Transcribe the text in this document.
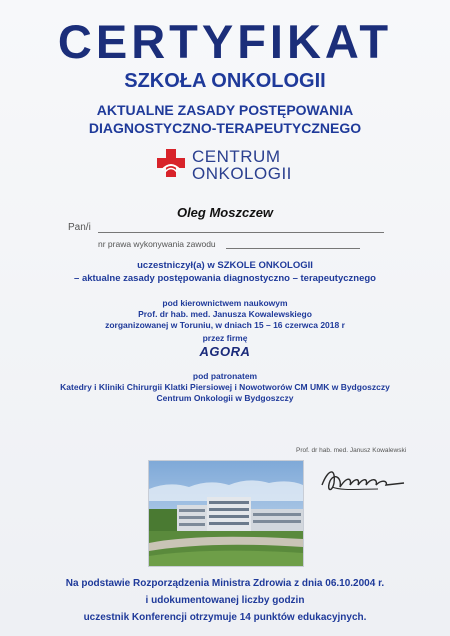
CERTYFIKAT
SZKOŁA ONKOLOGII
AKTUALNE ZASADY POSTĘPOWANIA
DIAGNOSTYCZNO-TERAPEUTYCZNEGO
CENTRUM
ONKOLOGII
Oleg Moszczew
Pan/i
nr prawa wykonywania zawodu
uczestniczył(a) w SZKOLE ONKOLOGII
– aktualne zasady postępowania diagnostyczno – terapeutycznego
pod kierownictwem naukowym
Prof. dr hab. med. Janusza Kowalewskiego
zorganizowanej w Toruniu, w dniach 15 – 16 czerwca 2018 r
przez firmę
AGORA
pod patronatem
Katedry i Kliniki Chirurgii Klatki Piersiowej i Nowotworów CM UMK w Bydgoszczy
Centrum Onkologii w Bydgoszczy
Prof. dr hab. med. Janusz Kowalewski
Na podstawie Rozporządzenia Ministra Zdrowia z dnia 06.10.2004 r.
i udokumentowanej liczby godzin
uczestnik Konferencji otrzymuje 14 punktów edukacyjnych.
